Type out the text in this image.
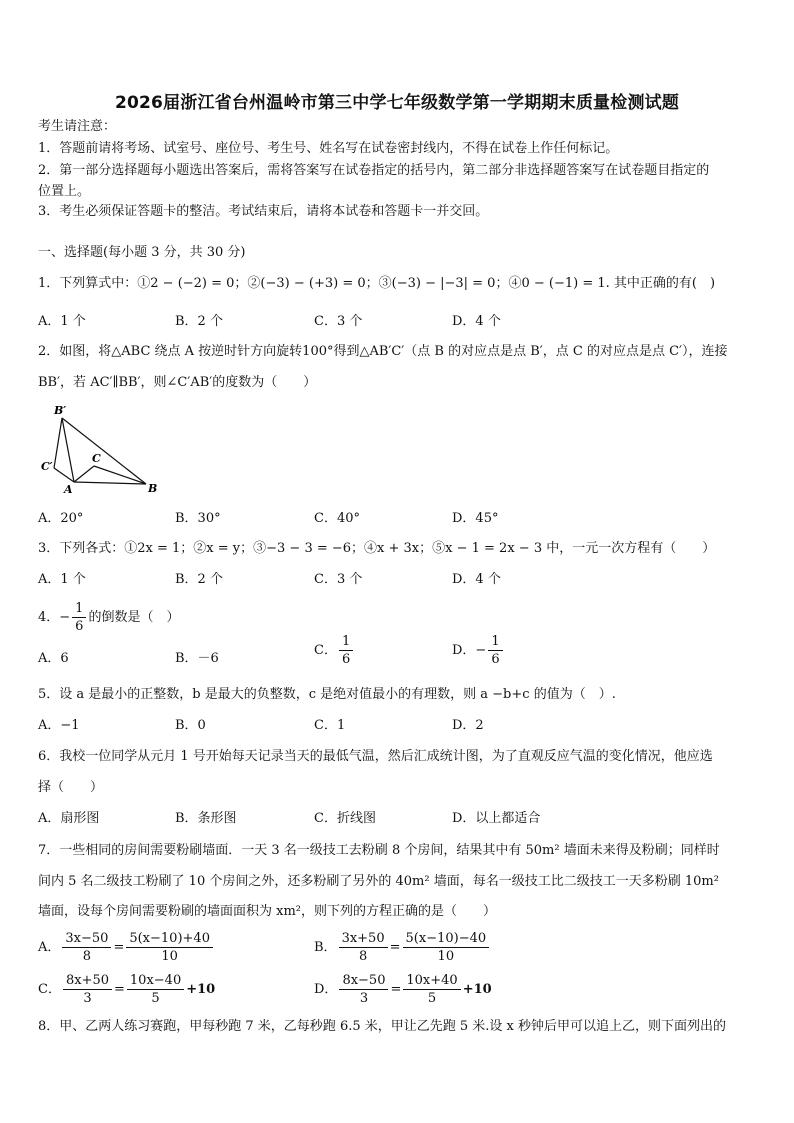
2026届浙江省台州温岭市第三中学七年级数学第一学期期末质量检测试题
考生请注意：
1．答题前请将考场、试室号、座位号、考生号、姓名写在试卷密封线内，不得在试卷上作任何标记。
2．第一部分选择题每小题选出答案后，需将答案写在试卷指定的括号内，第二部分非选择题答案写在试卷题目指定的
位置上。
3．考生必须保证答题卡的整洁。考试结束后，请将本试卷和答题卡一并交回。
一、选择题(每小题 3 分，共 30 分)
1．下列算式中：①2 − (−2) = 0；②(−3) − (+3) = 0；③(−3) − |−3| = 0；④0 − (−1) = 1. 其中正确的有(　)
A．1 个	B．2 个	C．3 个	D．4 个
2．如图，将△ABC 绕点 A 按逆时针方向旋转100°得到△AB′C′（点 B 的对应点是点 B′，点 C 的对应点是点 C′），连接
BB′，若 AC′∥BB′，则∠C′AB′的度数为（　　）
B′
C′
C
A	B
A．20°	B．30°	C．40°	D．45°
3．下列各式：①2x = 1；②x = y；③−3 − 3 = −6；④x + 3x；⑤x − 1 = 2x − 3 中，一元一次方程有（　　）
A．1 个	B．2 个	C．3 个	D．4 个
4．− $\frac{1}{6}$ 的倒数是（　）
A．6	B．－6
C． $\frac{1}{6}$	D．− $\frac{1}{6}$
5．设 a 是最小的正整数，b 是最大的负整数，c 是绝对值最小的有理数，则 a −b+c 的值为（　）.
A．−1	B．0	C．1	D．2
6．我校一位同学从元月 1 号开始每天记录当天的最低气温，然后汇成统计图，为了直观反应气温的变化情况，他应选
择（　　）
A．扇形图	B．条形图	C．折线图	D．以上都适合
7．一些相同的房间需要粉刷墙面．一天 3 名一级技工去粉刷 8 个房间，结果其中有 50m² 墙面未来得及粉刷；同样时
间内 5 名二级技工粉刷了 10 个房间之外，还多粉刷了另外的 40m² 墙面，每名一级技工比二级技工一天多粉刷 10m²
墙面，设每个房间需要粉刷的墙面面积为 xm²，则下列的方程正确的是（　　）
A． $\frac{3x-50}{8} = \frac{5(x-10)+40}{10}$	B． $\frac{3x+50}{8} = \frac{5(x-10)-40}{10}$
C． $\frac{8x+50}{3} = \frac{10x-40}{5} +10$	D． $\frac{8x-50}{3} = \frac{10x+40}{5} +10$
8．甲、乙两人练习赛跑，甲每秒跑 7 米，乙每秒跑 6.5 米，甲让乙先跑 5 米.设 x 秒钟后甲可以追上乙，则下面列出的
